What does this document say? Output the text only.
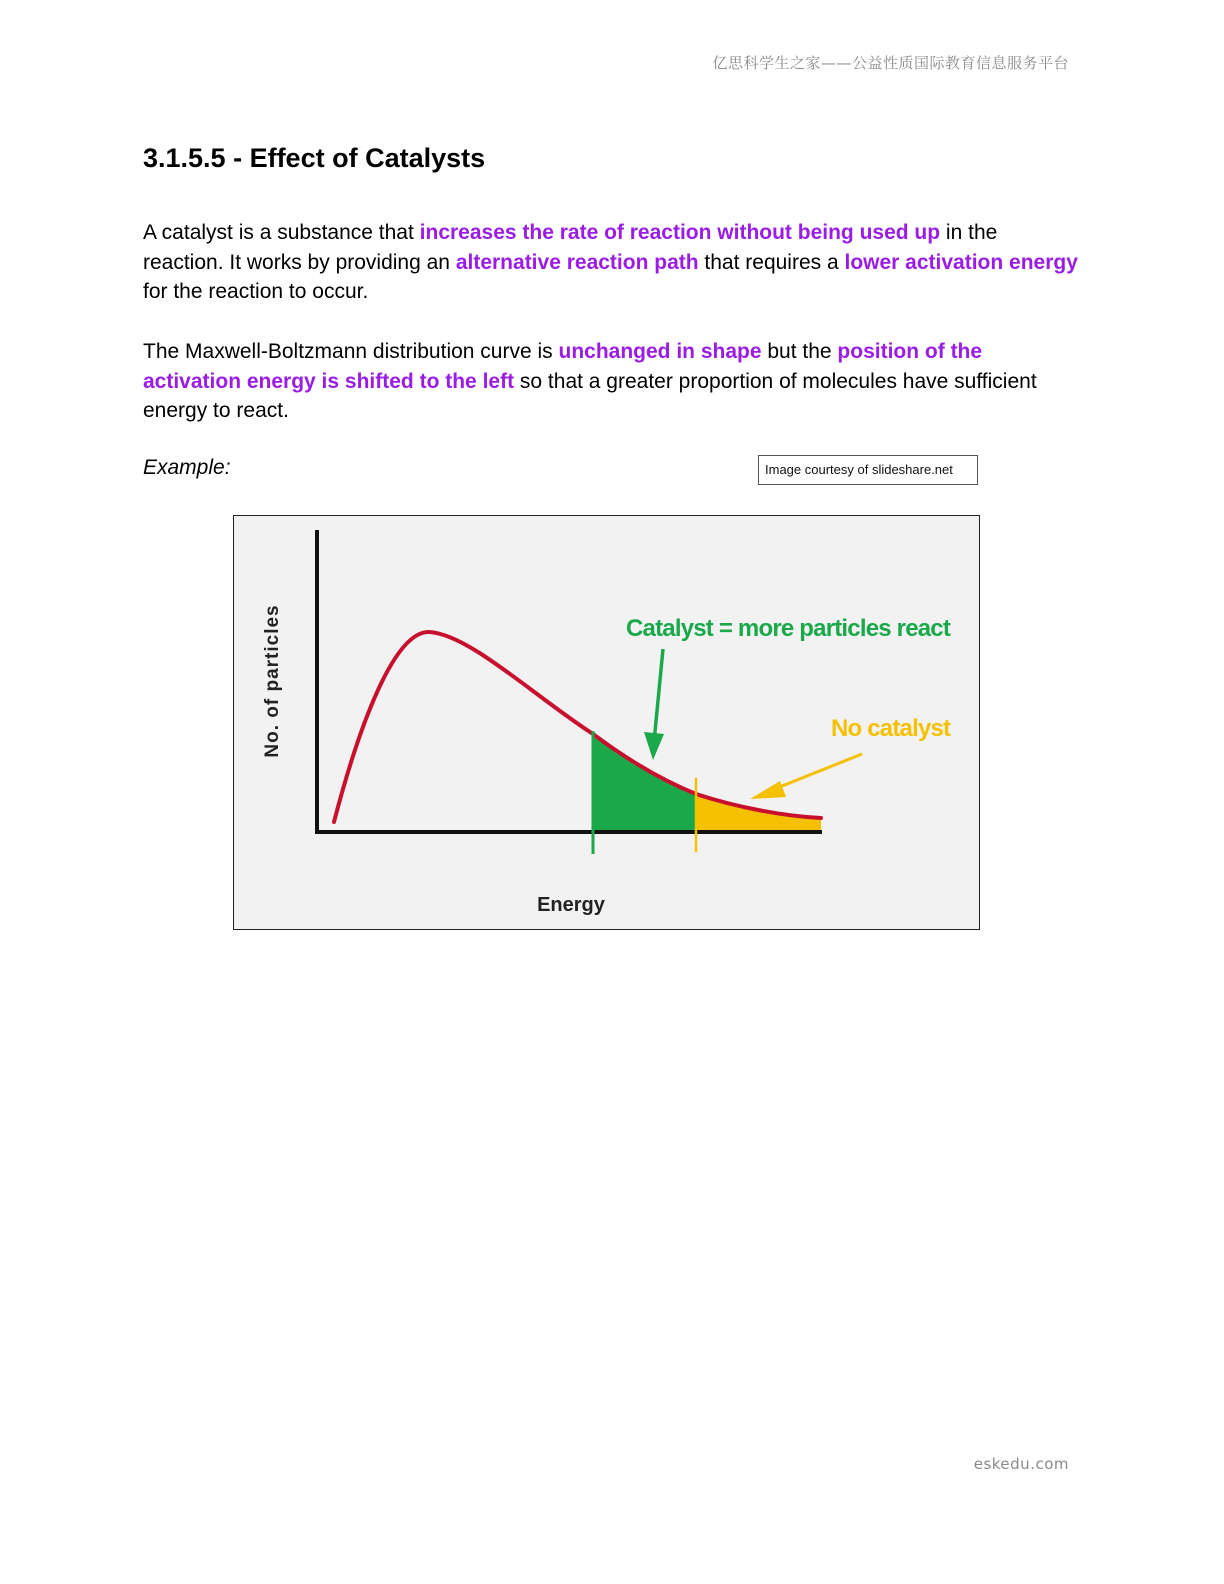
亿思科学生之家——公益性质国际教育信息服务平台
3.1.5.5 - Effect of Catalysts

A catalyst is a substance that increases the rate of reaction without being used up in the reaction. It works by providing an alternative reaction path that requires a lower activation energy for the reaction to occur.

The Maxwell-Boltzmann distribution curve is unchanged in shape but the position of the activation energy is shifted to the left so that a greater proportion of molecules have sufficient energy to react.

Example:	Image courtesy of slideshare.net
Catalyst = more particles react
No catalyst
Energy
No. of particles
eskedu.com
